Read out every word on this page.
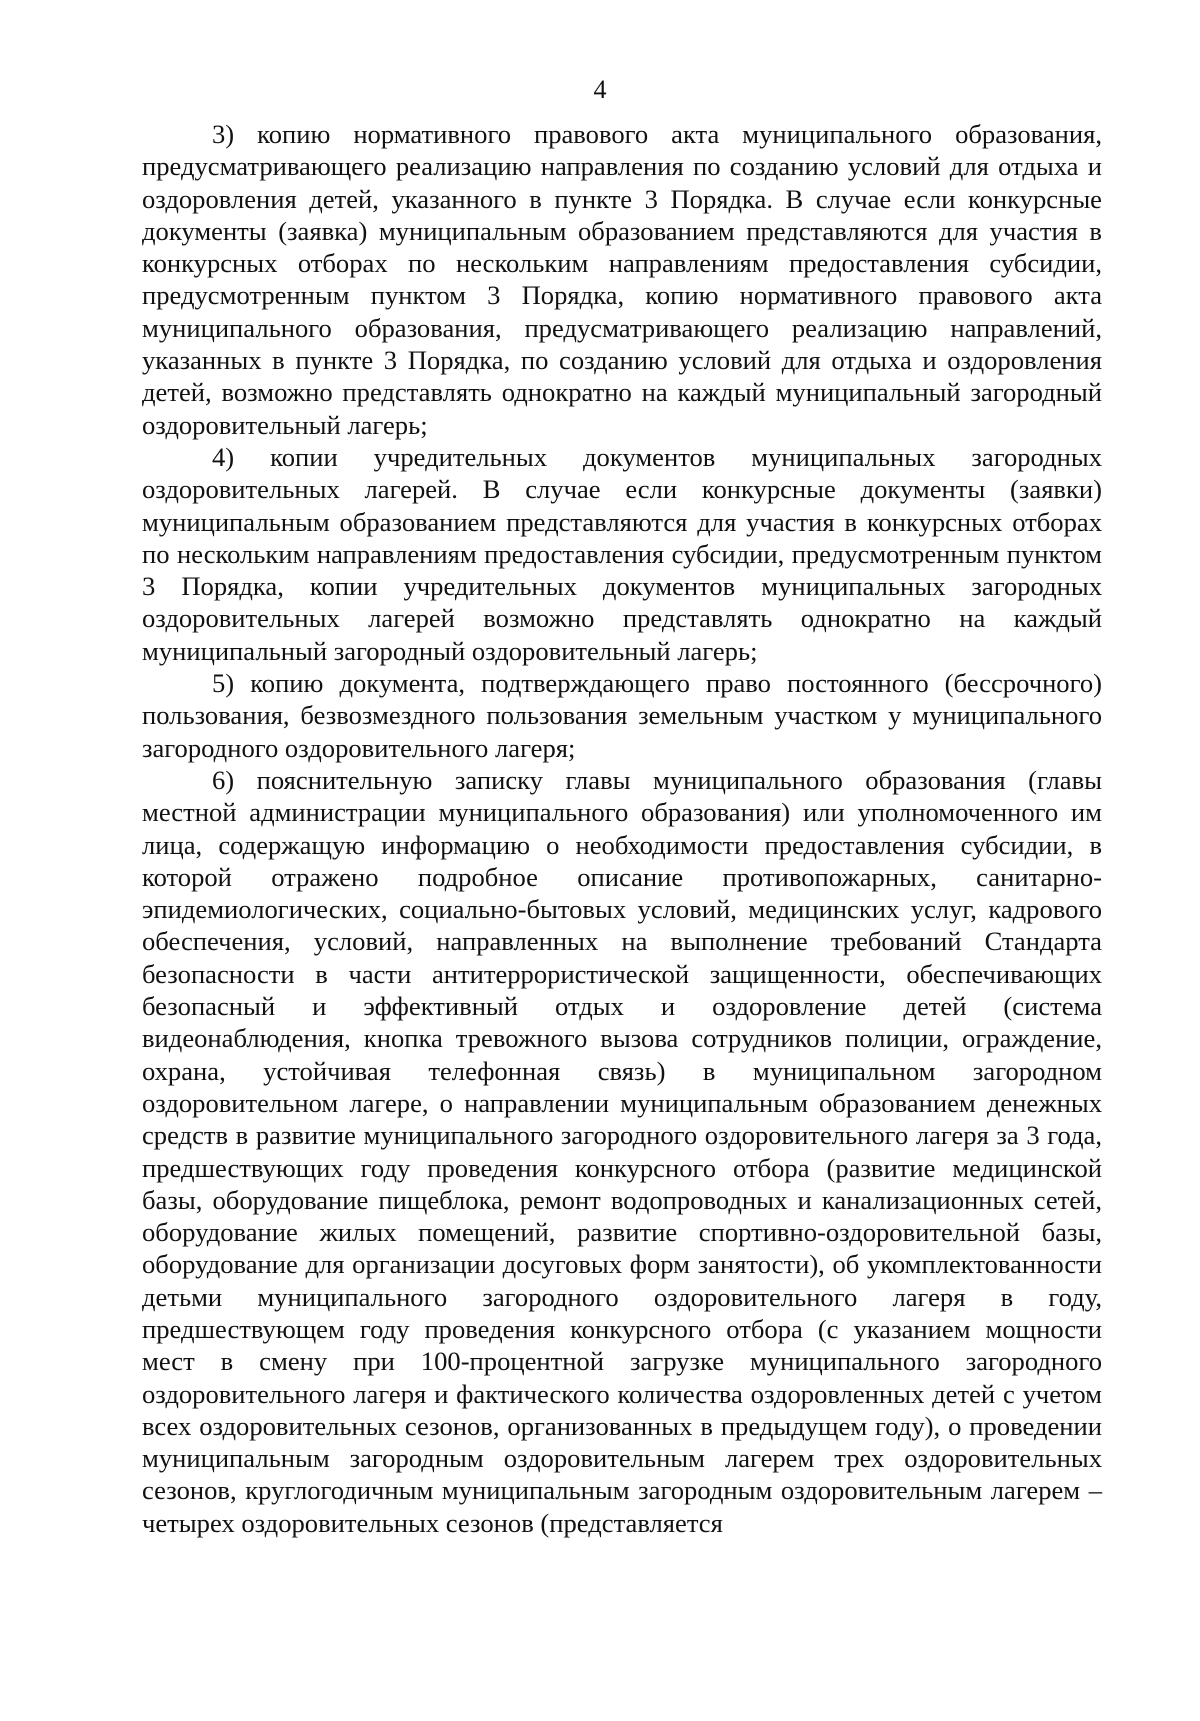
4

3) копию нормативного правового акта муниципального образования, предусматривающего реализацию направления по созданию условий для отдыха и оздоровления детей, указанного в пункте 3 Порядка. В случае если конкурсные документы (заявка) муниципальным образованием представляются для участия в конкурсных отборах по нескольким направлениям предоставления субсидии, предусмотренным пунктом 3 Порядка, копию нормативного правового акта муниципального образования, предусматривающего реализацию направлений, указанных в пункте 3 Порядка, по созданию условий для отдыха и оздоровления детей, возможно представлять однократно на каждый муниципальный загородный оздоровительный лагерь;

4) копии учредительных документов муниципальных загородных оздоровительных лагерей. В случае если конкурсные документы (заявки) муниципальным образованием представляются для участия в конкурсных отборах по нескольким направлениям предоставления субсидии, предусмотренным пунктом 3 Порядка, копии учредительных документов муниципальных загородных оздоровительных лагерей возможно представлять однократно на каждый муниципальный загородный оздоровительный лагерь;

5) копию документа, подтверждающего право постоянного (бессрочного) пользования, безвозмездного пользования земельным участком у муниципального загородного оздоровительного лагеря;

6) пояснительную записку главы муниципального образования (главы местной администрации муниципального образования) или уполномоченного им лица, содержащую информацию о необходимости предоставления субсидии, в которой отражено подробное описание противопожарных, санитарно-эпидемиологических, социально-бытовых условий, медицинских услуг, кадрового обеспечения, условий, направленных на выполнение требований Стандарта безопасности в части антитеррористической защищенности, обеспечивающих безопасный и эффективный отдых и оздоровление детей (система видеонаблюдения, кнопка тревожного вызова сотрудников полиции, ограждение, охрана, устойчивая телефонная связь) в муниципальном загородном оздоровительном лагере, о направлении муниципальным образованием денежных средств в развитие муниципального загородного оздоровительного лагеря за 3 года, предшествующих году проведения конкурсного отбора (развитие медицинской базы, оборудование пищеблока, ремонт водопроводных и канализационных сетей, оборудование жилых помещений, развитие спортивно-оздоровительной базы, оборудование для организации досуговых форм занятости), об укомплектованности детьми муниципального загородного оздоровительного лагеря в году, предшествующем году проведения конкурсного отбора (с указанием мощности мест в смену при 100-процентной загрузке муниципального загородного оздоровительного лагеря и фактического количества оздоровленных детей с учетом всех оздоровительных сезонов, организованных в предыдущем году), о проведении муниципальным загородным оздоровительным лагерем трех оздоровительных сезонов, круглогодичным муниципальным загородным оздоровительным лагерем – четырех оздоровительных сезонов (представляется
